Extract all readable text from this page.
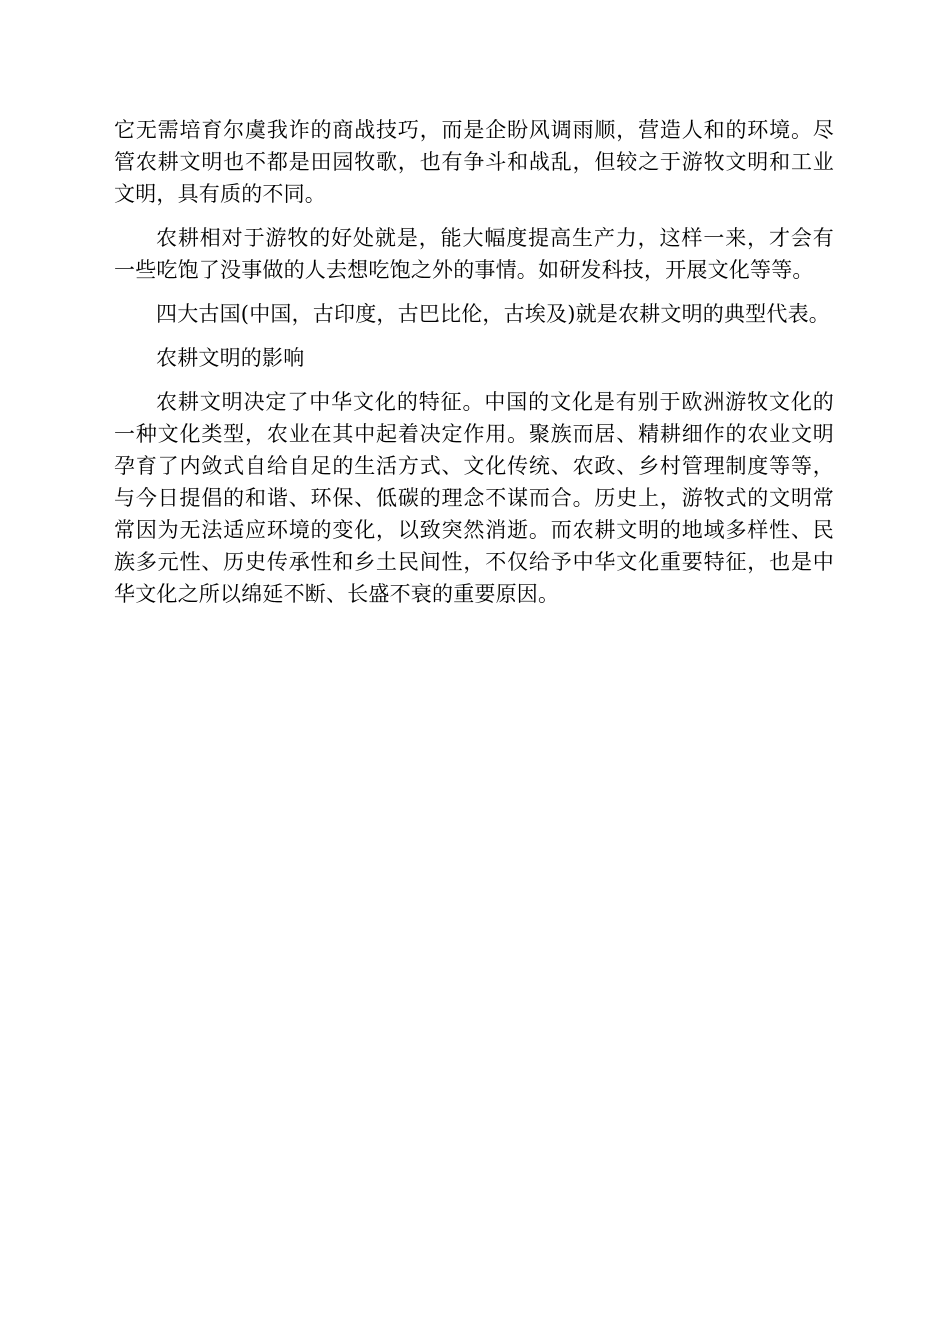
它无需培育尔虞我诈的商战技巧，而是企盼风调雨顺，营造人和的环境。尽管农耕文明也不都是田园牧歌，也有争斗和战乱，但较之于游牧文明和工业文明，具有质的不同。

农耕相对于游牧的好处就是，能大幅度提高生产力，这样一来，才会有一些吃饱了没事做的人去想吃饱之外的事情。如研发科技，开展文化等等。

四大古国(中国，古印度，古巴比伦，古埃及)就是农耕文明的典型代表。

农耕文明的影响

农耕文明决定了中华文化的特征。中国的文化是有别于欧洲游牧文化的一种文化类型，农业在其中起着决定作用。聚族而居、精耕细作的农业文明孕育了内敛式自给自足的生活方式、文化传统、农政、乡村管理制度等等，与今日提倡的和谐、环保、低碳的理念不谋而合。历史上，游牧式的文明常常因为无法适应环境的变化，以致突然消逝。而农耕文明的地域多样性、民族多元性、历史传承性和乡土民间性，不仅给予中华文化重要特征，也是中华文化之所以绵延不断、长盛不衰的重要原因。
